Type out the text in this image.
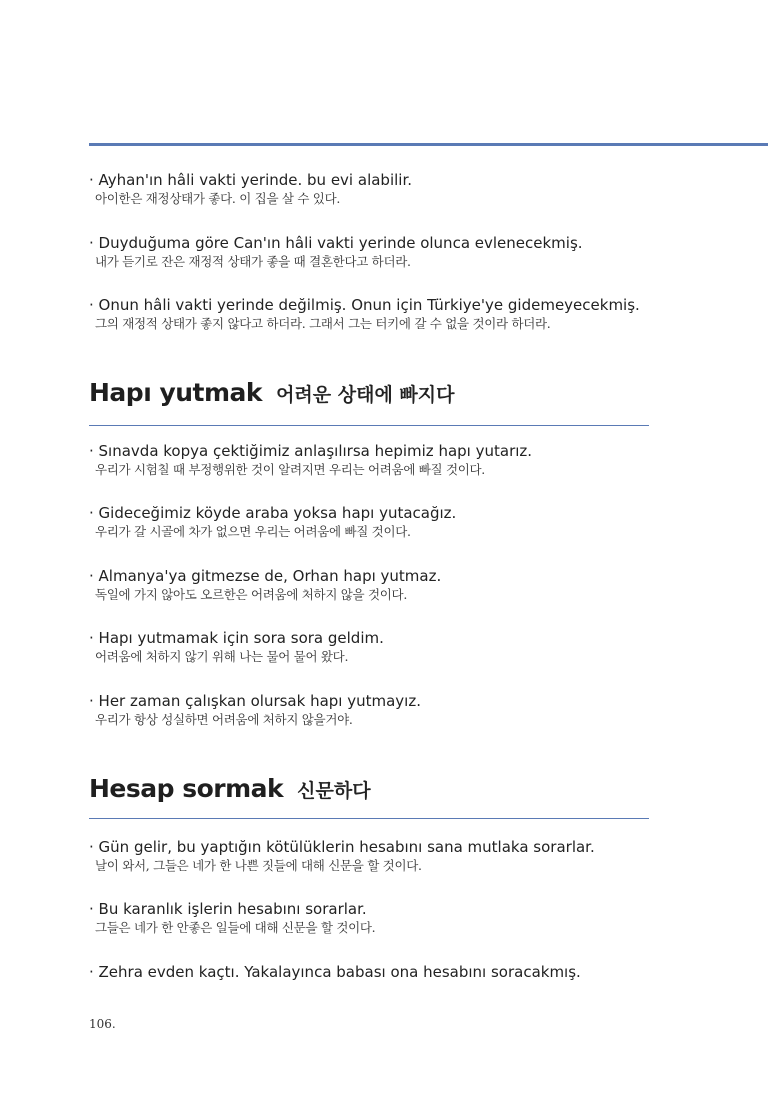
· Ayhan'ın hâli vakti yerinde. bu evi alabilir.
아이한은 재정상태가 좋다. 이 집을 살 수 있다.
· Duyduğuma göre Can'ın hâli vakti yerinde olunca evlenecekmiş.
내가 듣기로 잔은 재정적 상태가 좋을 때 결혼한다고 하더라.
· Onun hâli vakti yerinde değilmiş. Onun için Türkiye'ye gidemeyecekmiş.
그의 재정적 상태가 좋지 않다고 하더라. 그래서 그는 터키에 갈 수 없을 것이라 하더라.
Hapı yutmak 어려운 상태에 빠지다
· Sınavda kopya çektiğimiz anlaşılırsa hepimiz hapı yutarız.
우리가 시험칠 때 부정행위한 것이 알려지면 우리는 어려움에 빠질 것이다.
· Gideceğimiz köyde araba yoksa hapı yutacağız.
우리가 갈 시골에 차가 없으면 우리는 어려움에 빠질 것이다.
· Almanya'ya gitmezse de, Orhan hapı yutmaz.
독일에 가지 않아도 오르한은 어려움에 처하지 않을 것이다.
· Hapı yutmamak için sora sora geldim.
어려움에 처하지 않기 위해 나는 물어 물어 왔다.
· Her zaman çalışkan olursak hapı yutmayız.
우리가 항상 성실하면 어려움에 처하지 않을거야.
Hesap sormak 신문하다
· Gün gelir, bu yaptığın kötülüklerin hesabını sana mutlaka sorarlar.
날이 와서, 그들은 네가 한 나쁜 짓들에 대해 신문을 할 것이다.
· Bu karanlık işlerin hesabını sorarlar.
그들은 네가 한 안좋은 일들에 대해 신문을 할 것이다.
· Zehra evden kaçtı. Yakalayınca babası ona hesabını soracakmış.
106.
